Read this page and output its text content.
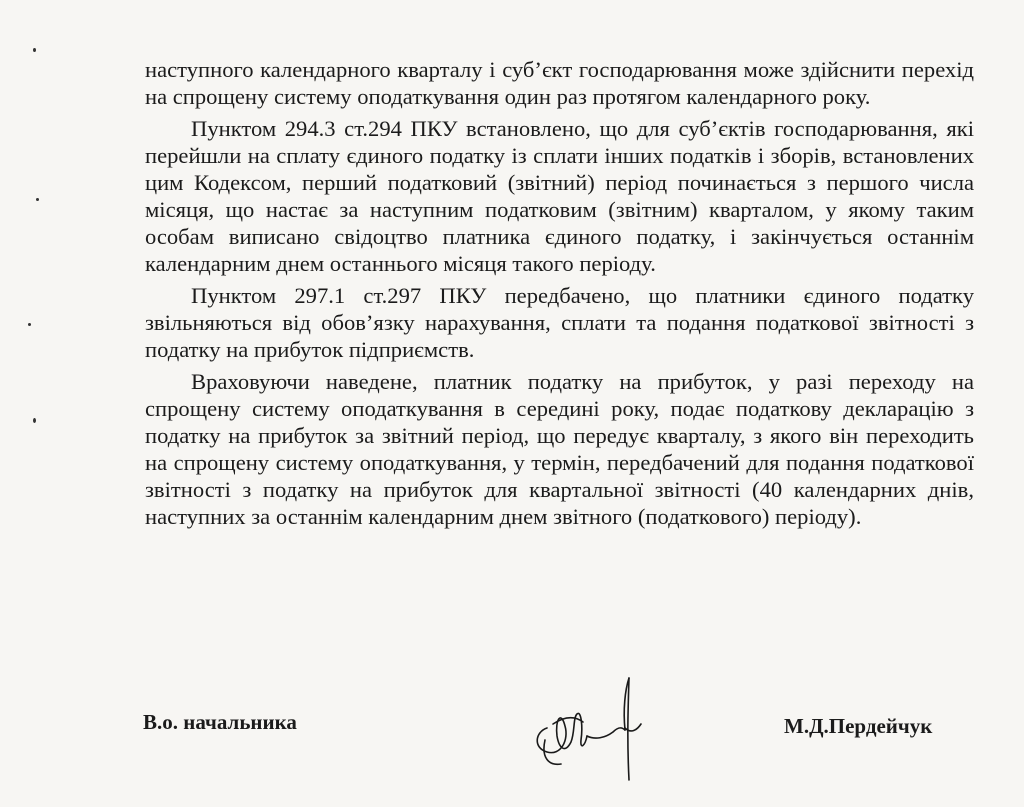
наступного календарного кварталу і суб’єкт господарювання може здійснити перехід на спрощену систему оподаткування один раз протягом календарного року.

Пунктом 294.3 ст.294 ПКУ встановлено, що для суб’єктів господарювання, які перейшли на сплату єдиного податку із сплати інших податків і зборів, встановлених цим Кодексом, перший податковий (звітний) період починається з першого числа місяця, що настає за наступним податковим (звітним) кварталом, у якому таким особам виписано свідоцтво платника єдиного податку, і закінчується останнім календарним днем останнього місяця такого періоду.

Пунктом 297.1 ст.297 ПКУ передбачено, що платники єдиного податку звільняються від обов’язку нарахування, сплати та подання податкової звітності з податку на прибуток підприємств.

Враховуючи наведене, платник податку на прибуток, у разі переходу на спрощену систему оподаткування в середині року, подає податкову декларацію з податку на прибуток за звітний період, що передує кварталу, з якого він переходить на спрощену систему оподаткування, у термін, передбачений для подання податкової звітності з податку на прибуток для квартальної звітності (40 календарних днів, наступних за останнім календарним днем звітного (податкового) періоду).

В.о. начальника	М.Д.Пердейчук
